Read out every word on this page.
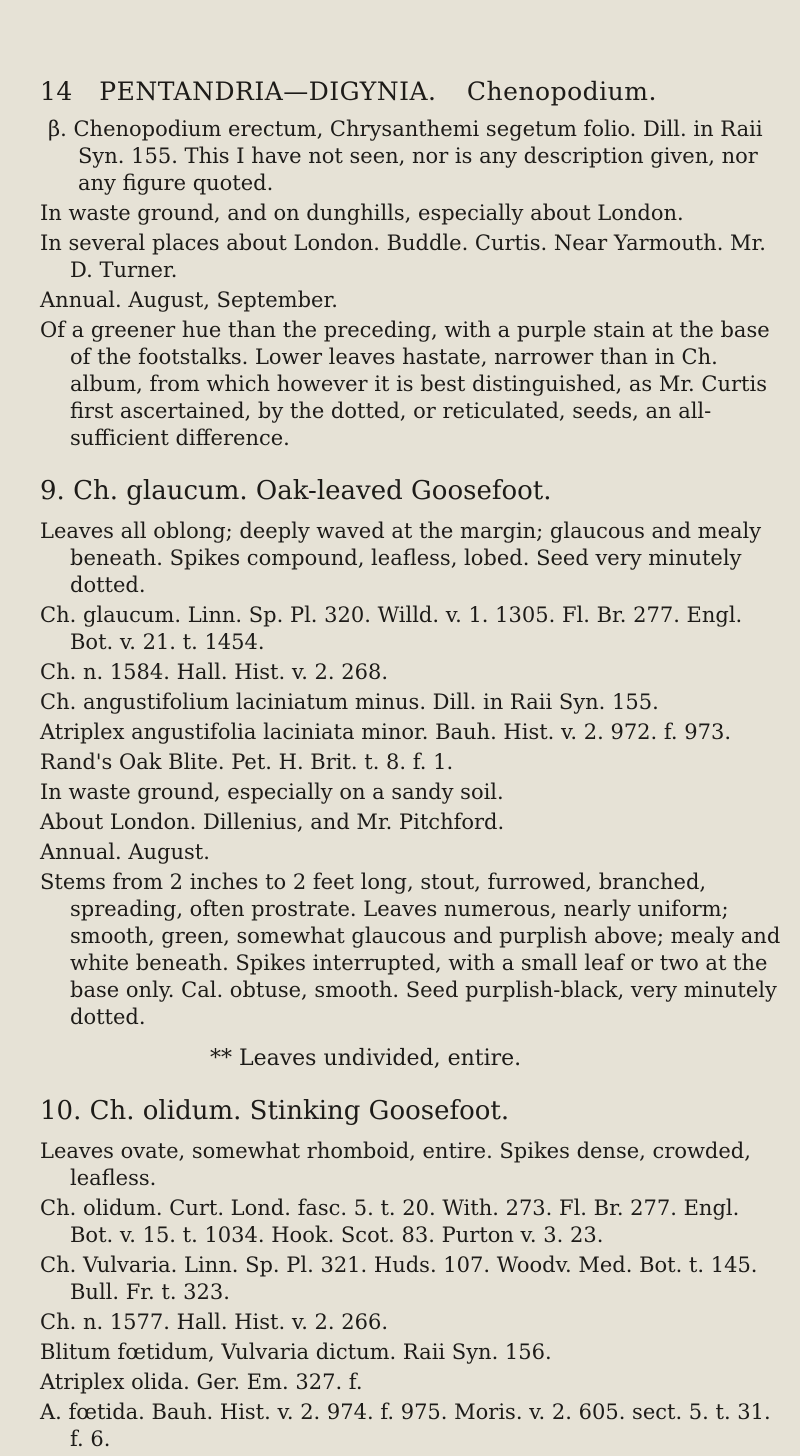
14 PENTANDRIA—DIGYNIA. Chenopodium.
β. Chenopodium erectum, Chrysanthemi segetum folio. Dill. in Raii Syn. 155. This I have not seen, nor is any description given, nor any figure quoted.
In waste ground, and on dunghills, especially about London.
In several places about London. Buddle. Curtis. Near Yarmouth. Mr. D. Turner.
Annual. August, September.
Of a greener hue than the preceding, with a purple stain at the base of the footstalks. Lower leaves hastate, narrower than in Ch. album, from which however it is best distinguished, as Mr. Curtis first ascertained, by the dotted, or reticulated, seeds, an all-sufficient difference.
9. Ch. glaucum. Oak-leaved Goosefoot.
Leaves all oblong; deeply waved at the margin; glaucous and mealy beneath. Spikes compound, leafless, lobed. Seed very minutely dotted.
Ch. glaucum. Linn. Sp. Pl. 320. Willd. v. 1. 1305. Fl. Br. 277. Engl. Bot. v. 21. t. 1454.
Ch. n. 1584. Hall. Hist. v. 2. 268.
Ch. angustifolium laciniatum minus. Dill. in Raii Syn. 155.
Atriplex angustifolia laciniata minor. Bauh. Hist. v. 2. 972. f. 973.
Rand's Oak Blite. Pet. H. Brit. t. 8. f. 1.
In waste ground, especially on a sandy soil.
About London. Dillenius, and Mr. Pitchford.
Annual. August.
Stems from 2 inches to 2 feet long, stout, furrowed, branched, spreading, often prostrate. Leaves numerous, nearly uniform; smooth, green, somewhat glaucous and purplish above; mealy and white beneath. Spikes interrupted, with a small leaf or two at the base only. Cal. obtuse, smooth. Seed purplish-black, very minutely dotted.
** Leaves undivided, entire.
10. Ch. olidum. Stinking Goosefoot.
Leaves ovate, somewhat rhomboid, entire. Spikes dense, crowded, leafless.
Ch. olidum. Curt. Lond. fasc. 5. t. 20. With. 273. Fl. Br. 277. Engl. Bot. v. 15. t. 1034. Hook. Scot. 83. Purton v. 3. 23.
Ch. Vulvaria. Linn. Sp. Pl. 321. Huds. 107. Woodv. Med. Bot. t. 145. Bull. Fr. t. 323.
Ch. n. 1577. Hall. Hist. v. 2. 266.
Blitum fœtidum, Vulvaria dictum. Raii Syn. 156.
Atriplex olida. Ger. Em. 327. f.
A. fœtida. Bauh. Hist. v. 2. 974. f. 975. Moris. v. 2. 605. sect. 5. t. 31. f. 6.
